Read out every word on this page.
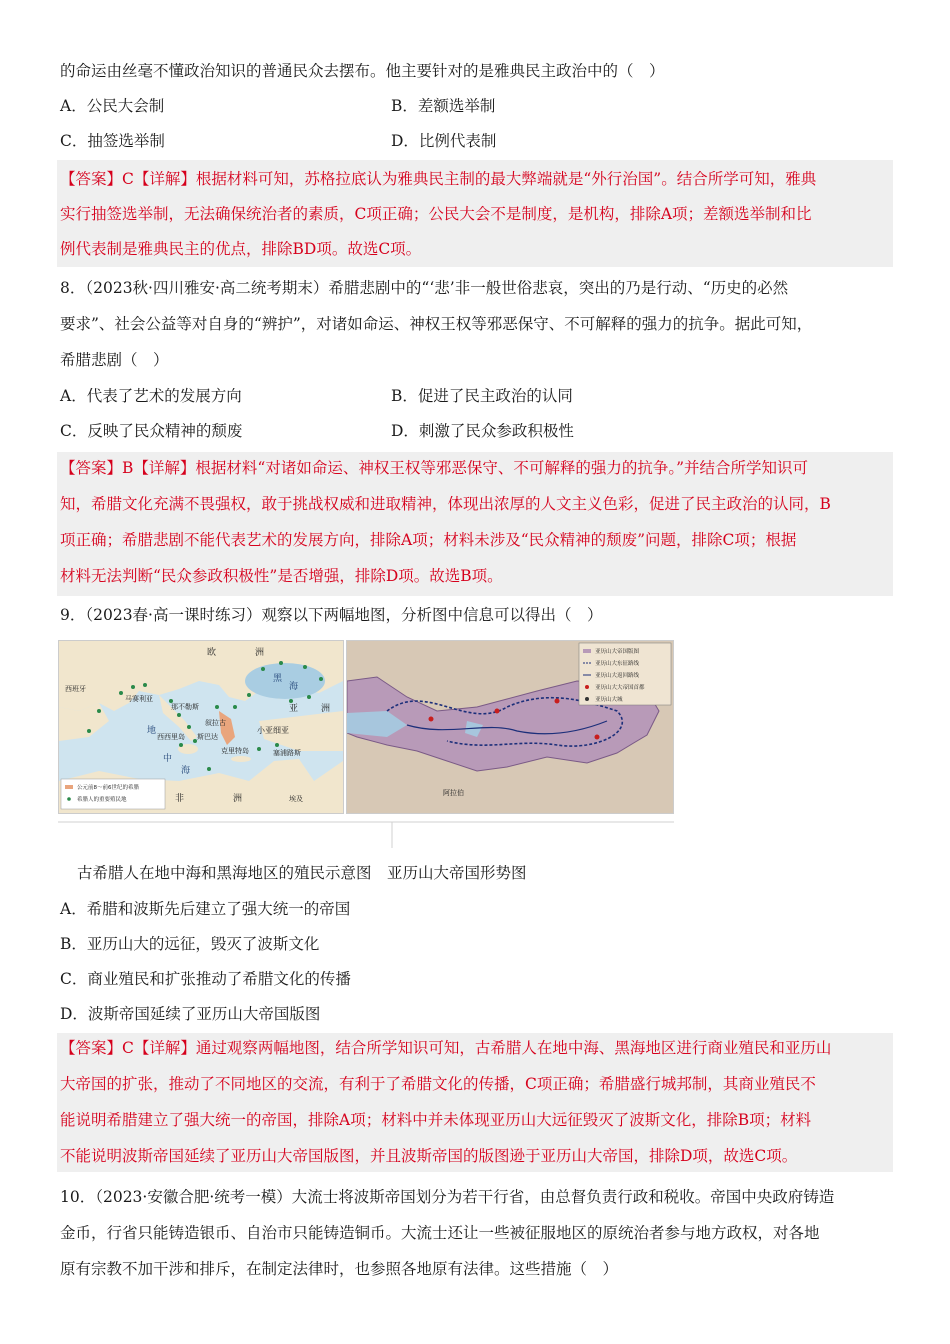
的命运由丝毫不懂政治知识的普通民众去摆布。他主要针对的是雅典民主政治中的（　）
A．公民大会制	B．差额选举制
C．抽签选举制	D．比例代表制
【答案】C【详解】根据材料可知，苏格拉底认为雅典民主制的最大弊端就是“外行治国”。结合所学可知，雅典
实行抽签选举制，无法确保统治者的素质，C项正确；公民大会不是制度，是机构，排除A项；差额选举制和比
例代表制是雅典民主的优点，排除BD项。故选C项。
8．（2023秋·四川雅安·高二统考期末）希腊悲剧中的“‘悲’非一般世俗悲哀，突出的乃是行动、“历史的必然
要求”、社会公益等对自身的“辨护”，对诸如命运、神权王权等邪恶保守、不可解释的强力的抗争。据此可知，
希腊悲剧（　）
A．代表了艺术的发展方向	B．促进了民主政治的认同
C．反映了民众精神的颓废	D．刺激了民众参政积极性
【答案】B【详解】根据材料“对诸如命运、神权王权等邪恶保守、不可解释的强力的抗争。”并结合所学知识可
知，希腊文化充满不畏强权，敢于挑战权威和进取精神，体现出浓厚的人文主义色彩，促进了民主政治的认同，B
项正确；希腊悲剧不能代表艺术的发展方向，排除A项；材料未涉及“民众精神的颓废”问题，排除C项；根据
材料无法判断“民众参政积极性”是否增强，排除D项。故选B项。
9．（2023春·高一课时练习）观察以下两幅地图，分析图中信息可以得出（　）
欧	洲
黑
海
西班牙
马赛利亚
那不勒斯
叙拉古
西西里岛 斯巴达
克里特岛
小亚细亚
塞浦路斯
亚	洲
地
中
海
非	洲	埃及
公元前8～前6世纪的希腊
希腊人的重要殖民地
亚历山大帝国版图
亚历山大东征路线
亚历山大返回路线
亚历山大大帝国首都
亚历山大城
阿拉伯
古希腊人在地中海和黑海地区的殖民示意图　亚历山大帝国形势图
A．希腊和波斯先后建立了强大统一的帝国
B．亚历山大的远征，毁灭了波斯文化
C．商业殖民和扩张推动了希腊文化的传播
D．波斯帝国延续了亚历山大帝国版图
【答案】C【详解】通过观察两幅地图，结合所学知识可知，古希腊人在地中海、黑海地区进行商业殖民和亚历山
大帝国的扩张，推动了不同地区的交流，有利于了希腊文化的传播，C项正确；希腊盛行城邦制，其商业殖民不
能说明希腊建立了强大统一的帝国，排除A项；材料中并未体现亚历山大远征毁灭了波斯文化，排除B项；材料
不能说明波斯帝国延续了亚历山大帝国版图，并且波斯帝国的版图逊于亚历山大帝国，排除D项，故选C项。
10．（2023·安徽合肥·统考一模）大流士将波斯帝国划分为若干行省，由总督负责行政和税收。帝国中央政府铸造
金币，行省只能铸造银币、自治市只能铸造铜币。大流士还让一些被征服地区的原统治者参与地方政权，对各地
原有宗教不加干涉和排斥，在制定法律时，也参照各地原有法律。这些措施（　）
